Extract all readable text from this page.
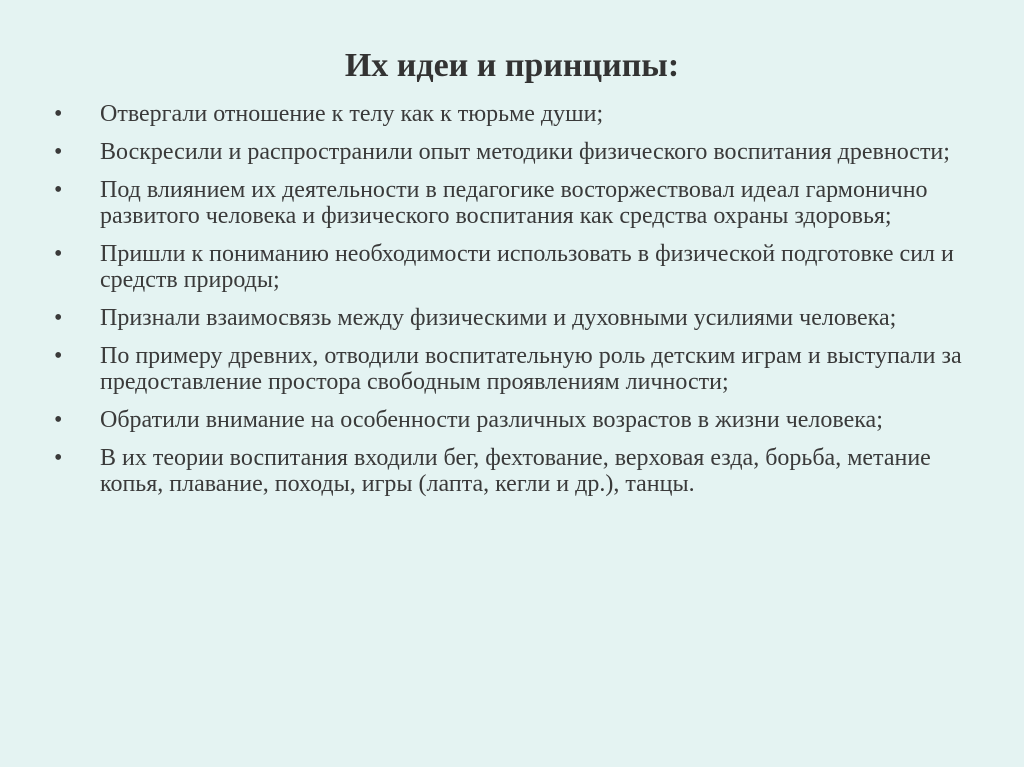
Их идеи и принципы:
•	Отвергали отношение к телу как к тюрьме души;
•	Воскресили и распространили опыт методики физического воспитания древности;
•	Под влиянием их деятельности в педагогике восторжествовал идеал гармонично развитого человека и физического воспитания как средства охраны здоровья;
•	Пришли к пониманию необходимости использовать в физической подготовке сил и средств природы;
•	Признали взаимосвязь между физическими и духовными усилиями человека;
•	По примеру древних, отводили воспитательную роль детским играм и выступали за предоставление простора свободным проявлениям личности;
•	Обратили внимание на особенности различных возрастов в жизни человека;
•	В их теории воспитания входили бег, фехтование, верховая езда, борьба, метание копья, плавание, походы, игры (лапта, кегли и др.), танцы.
